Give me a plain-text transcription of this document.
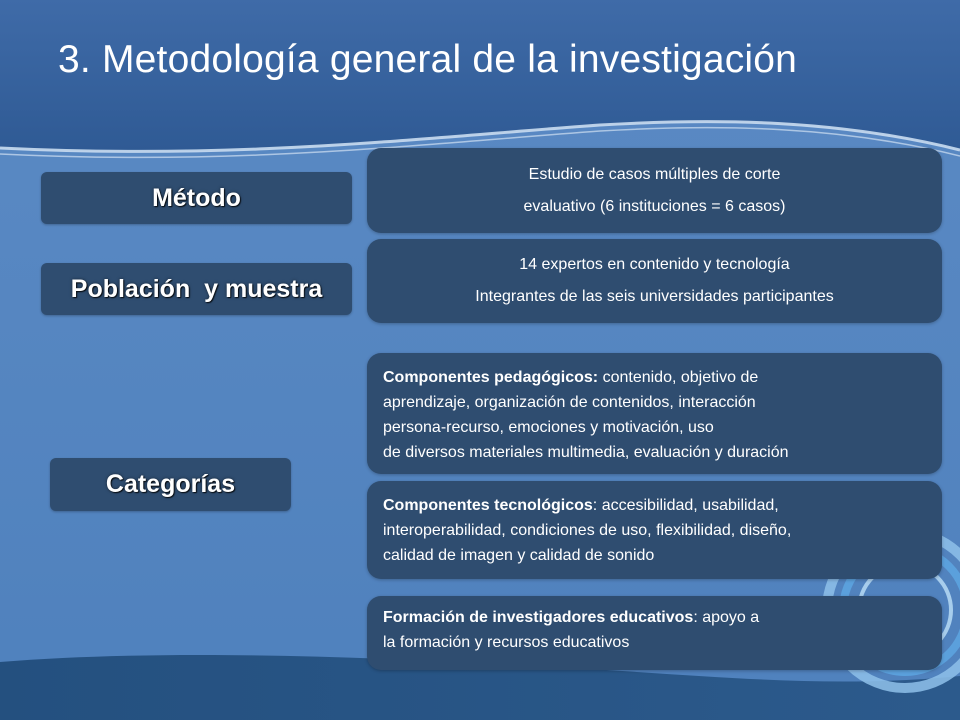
3. Metodología general de la investigación
Método
Población  y muestra
Categorías
Estudio de casos múltiples de corte
evaluativo (6 instituciones = 6 casos)
14 expertos en contenido y tecnología
Integrantes de las seis universidades participantes
Componentes pedagógicos: contenido, objetivo de
aprendizaje, organización de contenidos, interacción
persona-recurso, emociones y motivación, uso
de diversos materiales multimedia, evaluación y duración
Componentes tecnológicos: accesibilidad, usabilidad,
interoperabilidad, condiciones de uso, flexibilidad, diseño,
calidad de imagen y calidad de sonido
Formación de investigadores educativos: apoyo a
la formación y recursos educativos
